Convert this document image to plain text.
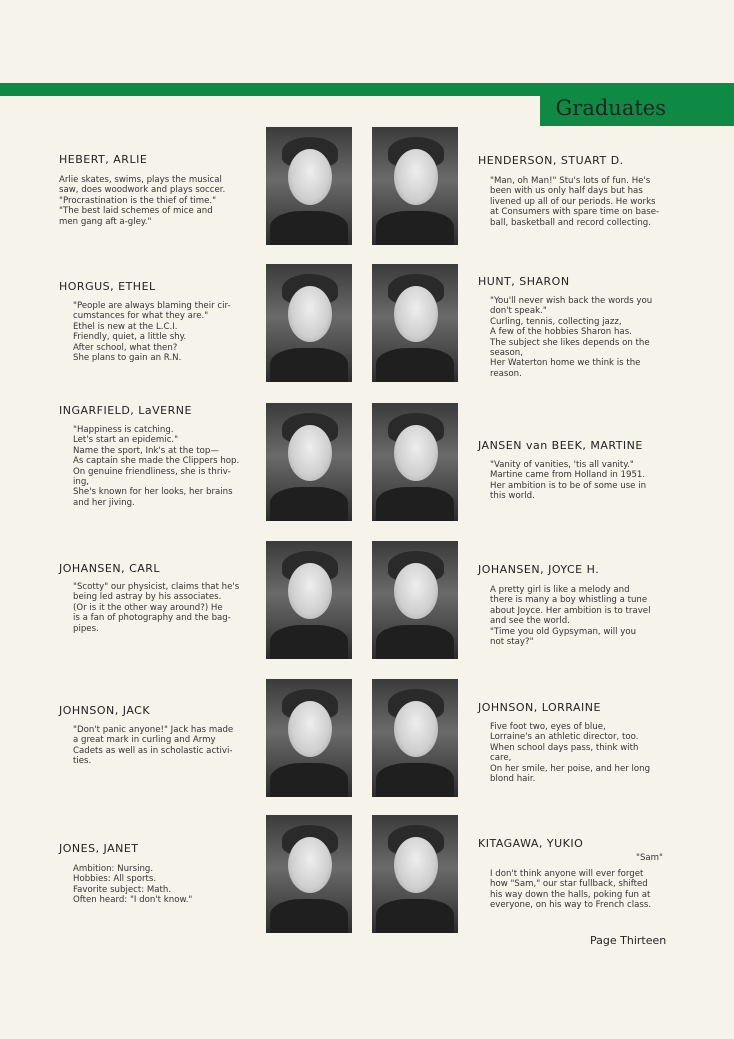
Graduates
HEBERT, ARLIE
Arlie skates, swims, plays the musical
saw, does woodwork and plays soccer.
"Procrastination is the thief of time."
"The best laid schemes of mice and
men gang aft a-gley."
HENDERSON, STUART D.
"Man, oh Man!" Stu's lots of fun. He's
been with us only half days but has
livened up all of our periods. He works
at Consumers with spare time on base-
ball, basketball and record collecting.
HORGUS, ETHEL
"People are always blaming their cir-
cumstances for what they are."
Ethel is new at the L.C.I.
Friendly, quiet, a little shy.
After school, what then?
She plans to gain an R.N.
HUNT, SHARON
"You'll never wish back the words you
don't speak."
Curling, tennis, collecting jazz,
A few of the hobbies Sharon has.
The subject she likes depends on the
season,
Her Waterton home we think is the
reason.
INGARFIELD, LaVERNE
"Happiness is catching.
Let's start an epidemic."
Name the sport, Ink's at the top—
As captain she made the Clippers hop.
On genuine friendliness, she is thriv-
ing,
She's known for her looks, her brains
and her jiving.
JANSEN van BEEK, MARTINE
"Vanity of vanities, 'tis all vanity."
Martine came from Holland in 1951.
Her ambition is to be of some use in
this world.
JOHANSEN, CARL
"Scotty" our physicist, claims that he's
being led astray by his associates.
(Or is it the other way around?) He
is a fan of photography and the bag-
pipes.
JOHANSEN, JOYCE H.
A pretty girl is like a melody and
there is many a boy whistling a tune
about Joyce. Her ambition is to travel
and see the world.
"Time you old Gypsyman, will you
not stay?"
JOHNSON, JACK
"Don't panic anyone!" Jack has made
a great mark in curling and Army
Cadets as well as in scholastic activi-
ties.
JOHNSON, LORRAINE
Five foot two, eyes of blue,
Lorraine's an athletic director, too.
When school days pass, think with
care,
On her smile, her poise, and her long
blond hair.
JONES, JANET
Ambition: Nursing.
Hobbies: All sports.
Favorite subject: Math.
Often heard: "I don't know."
KITAGAWA, YUKIO
"Sam"
I don't think anyone will ever forget
how "Sam," our star fullback, shifted
his way down the halls, poking fun at
everyone, on his way to French class.
Page Thirteen
